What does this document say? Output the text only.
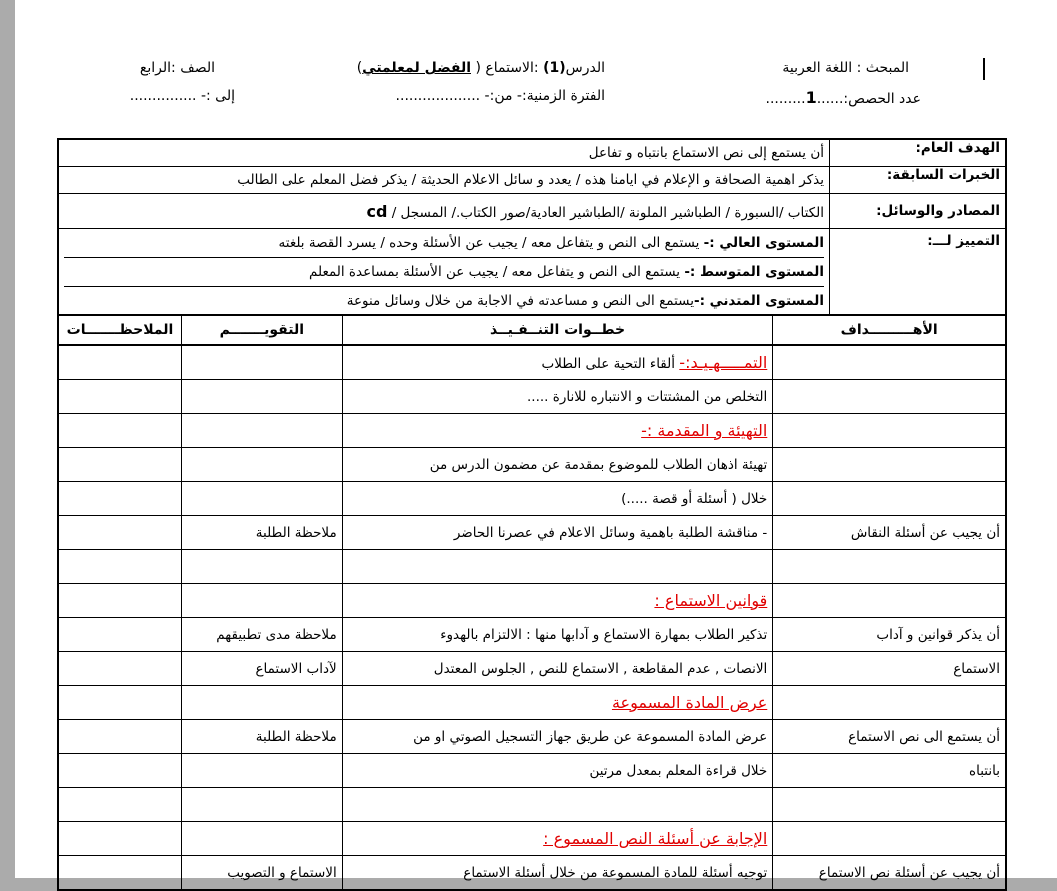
المبحث : اللغة العربية
الدرس(1) :الاستماع ( الفضل لمعلمتي)
الصف :الرابع
عدد الحصص:......1.........
الفترة الزمنية:- من:- ...................
إلى :- ...............
الهدف العام:	أن يستمع إلى نص الاستماع بانتباه و تفاعل
الخبرات السابقة:	يذكر اهمية الصحافة و الإعلام في ايامنا هذه / يعدد و سائل الاعلام الحديثة / يذكر فضل المعلم على الطالب
المصادر والوسائل:	الكتاب /السبورة / الطباشير الملونة /الطباشير العادية/صور الكتاب./ المسجل / cd
التمييز لـــ:	المستوى العالي :- يستمع الى النص و يتفاعل معه / يجيب عن الأسئلة وحده / يسرد القصة بلغته
المستوى المتوسط :- يستمع الى النص و يتفاعل معه / يجيب عن الأسئلة بمساعدة المعلم
المستوى المتدني :-يستمع الى النص و مساعدته في الاجابة من خلال وسائل منوعة
الأهـــــــــداف	خطــوات التنــفـيــذ	التقويـــــــم	الملاحظـــــــات
	التمـــــهـيـد:- ألقاء التحية على الطلاب		
	التخلص من المشتتات و الانتباره للانارة .....		
	التهيئة و المقدمة :-		
	تهيئة اذهان الطلاب للموضوع بمقدمة عن مضمون الدرس من		
	خلال ( أسئلة أو قصة .....)		
أن يجيب عن أسئلة النقاش	- مناقشة الطلبة باهمية وسائل الاعلام في عصرنا الحاضر	ملاحظة الطلبة	

	قوانين الاستماع :		
أن يذكر قوانين و آداب	تذكير الطلاب بمهارة الاستماع و آدابها منها : الالتزام بالهدوء	ملاحظة مدى تطبيقهم	
الاستماع	الانصات , عدم المقاطعة , الاستماع للنص , الجلوس المعتدل	لآداب الاستماع	
	عرض المادة المسموعة		
أن يستمع الى نص الاستماع	عرض المادة المسموعة عن طريق جهاز التسجيل الصوتي او من	ملاحظة الطلبة	
بانتباه	خلال قراءة المعلم بمعدل مرتين		

	الإجابة عن أسئلة النص المسموع :		
أن يجيب عن أسئلة نص الاستماع	توجيه أسئلة للمادة المسموعة من خلال أسئلة الاستماع	الاستماع و التصويب	
